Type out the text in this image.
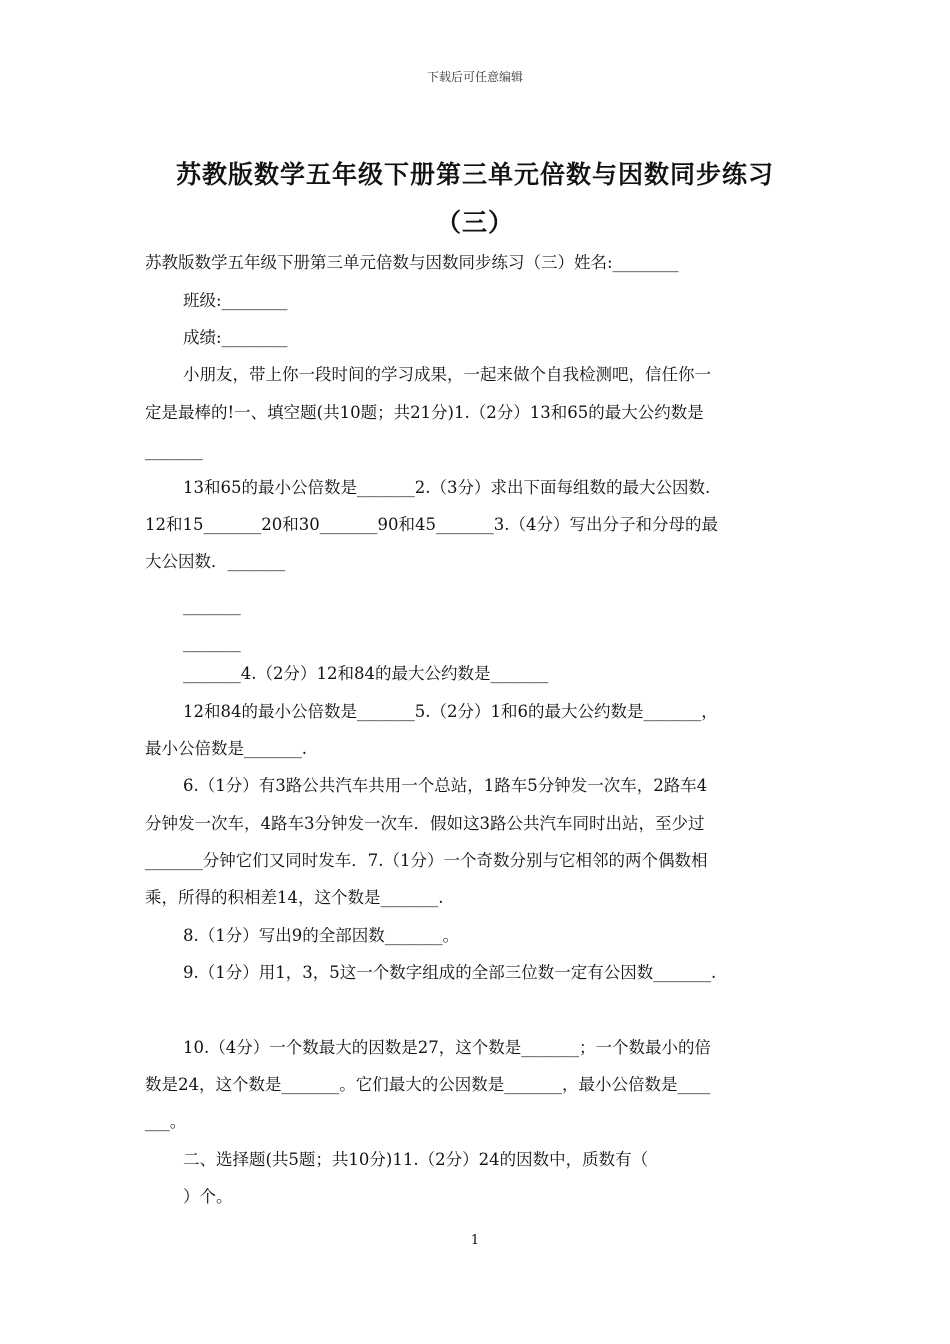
下载后可任意编辑
苏教版数学五年级下册第三单元倍数与因数同步练习
（三）
苏教版数学五年级下册第三单元倍数与因数同步练习（三）姓名:________
班级:________
成绩:________
小朋友，带上你一段时间的学习成果，一起来做个自我检测吧，信任你一
定是最棒的!一、填空题(共10题；共21分)1.（2分）13和65的最大公约数是
_______
13和65的最小公倍数是_______2.（3分）求出下面每组数的最大公因数.
12和15_______20和30_______90和45_______3.（4分）写出分子和分母的最
大公因数．_______
_______
_______
_______4.（2分）12和84的最大公约数是_______
12和84的最小公倍数是_______5.（2分）1和6的最大公约数是_______，
最小公倍数是_______.
6.（1分）有3路公共汽车共用一个总站，1路车5分钟发一次车，2路车4
分钟发一次车，4路车3分钟发一次车．假如这3路公共汽车同时出站，至少过
_______分钟它们又同时发车．7.（1分）一个奇数分别与它相邻的两个偶数相
乘，所得的积相差14，这个数是_______.
8.（1分）写出9的全部因数_______。
9.（1分）用1，3，5这一个数字组成的全部三位数一定有公因数_______.
10.（4分）一个数最大的因数是27，这个数是_______；一个数最小的倍
数是24，这个数是_______。它们最大的公因数是_______，最小公倍数是____
___。
二、选择题(共5题；共10分)11.（2分）24的因数中，质数有（
）个。
1
